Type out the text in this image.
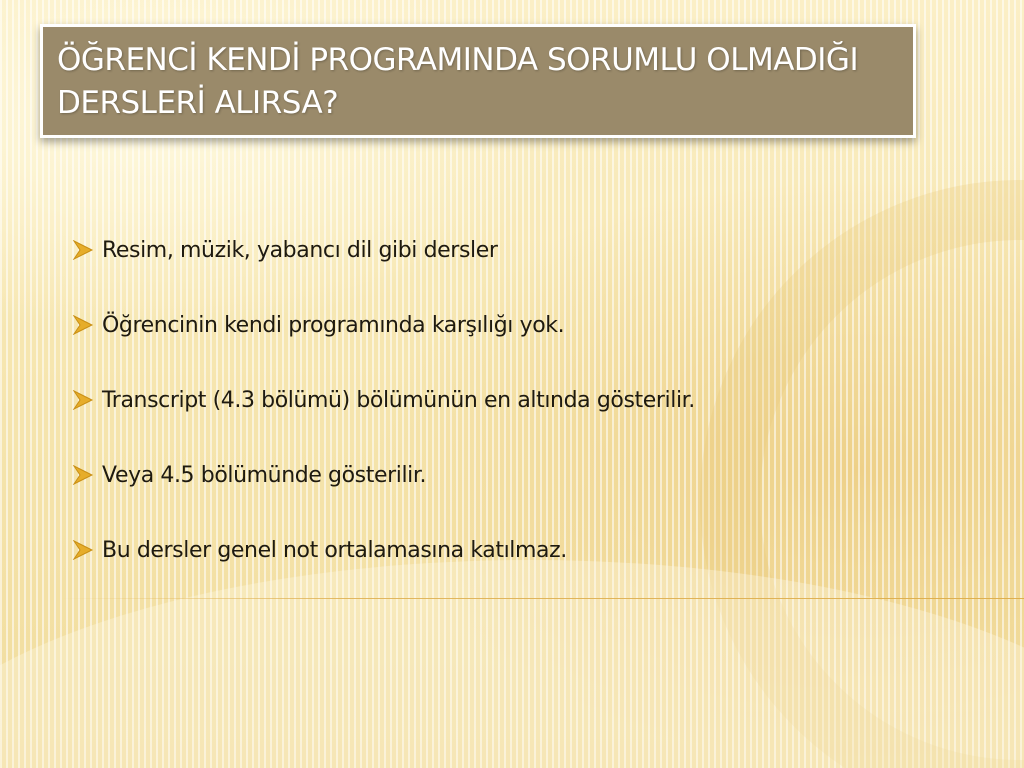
ÖĞRENCİ KENDİ PROGRAMINDA SORUMLU OLMADIĞI DERSLERİ ALIRSA?
Resim, müzik, yabancı dil gibi dersler
Öğrencinin kendi programında karşılığı yok.
Transcript (4.3 bölümü) bölümünün en altında gösterilir.
Veya 4.5 bölümünde gösterilir.
Bu dersler genel not ortalamasına katılmaz.
